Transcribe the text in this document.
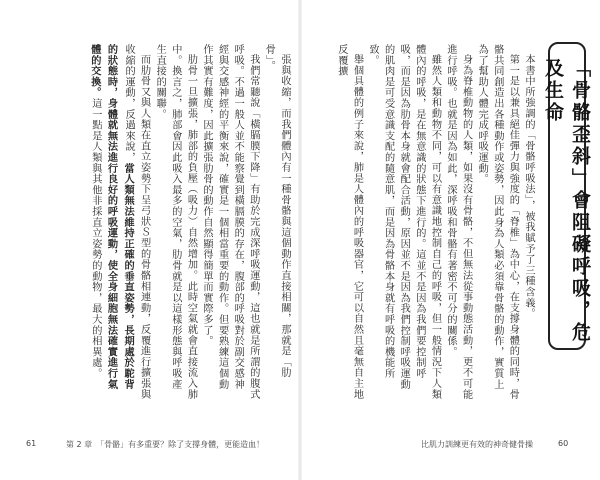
張與收縮，而我們體內有一種骨骼與這個動作直接相關，那就是「肋骨」。

我們常聽說「橫膈膜下降」有助於完成深呼吸運動，這也就是所謂的腹式呼吸。不過一般人並不能察覺到橫膈膜的存在，腹部的呼吸對於副交感神經與交感神經的平衡來說，確實是一個相當重要的動作。但要熟練這個動作其實有難度，因此擴張肋骨的動作自然顯得簡單而實際多了。

肋骨一旦擴張，肺部的負壓（吸力）自然增加。此時空氣就會直接流入肺中。換言之，肺部會因此吸入最多的空氣，肋骨就是以這樣形態與呼吸產生直接的關聯。

而肋骨又與人類在直立姿勢下呈弓狀Ｓ型的骨骼相連動，反覆進行擴張與收縮的運動，反過來說，當人類無法維持正確的垂直姿勢，長期處於駝背的狀態時，身體就無法進行良好的呼吸運動，使全身細胞無法確實進行氣體的交換。這一點是人類與其他非採直立姿勢的動物，最大的相異處。

61	第 2 章　「骨骼」有多重要？除了支撐身體，更能造血！
「骨骼歪斜」會阻礙呼吸，危及生命

本書中所強調的「骨骼呼吸法」，被我賦予了三種含義。

第一是以兼具絕佳彈力與強度的「脊椎」為中心，在支撐身體的同時，骨骼共同創造出各種動作或姿勢，因此身為人類必須靠骨骼的動作，實質上為了幫助人體完成呼吸運動。

身為脊椎動物的人類，如果沒有骨骼，不但無法從事動態活動，更不可能進行呼吸。也就是因為如此，深呼吸和骨骼有著密不可分的關係。

雖然人類和動物不同，可以有意識地控制自己的呼吸，但一般情況下人類體內的呼吸，是在無意識的狀態下進行的。這並不是因為我們要控制呼吸，而是因為肋骨本身就會配合活動，原因並不是因為我們控制呼吸運動的肌肉是可受意識支配的隨意肌，而是因為骨骼本身就有呼吸的機能所致。

舉個具體的例子來說，肺是人體內的呼吸器官，它可以自然且毫無自主地反覆擴

比肌力訓練更有效的神奇健骨操	60
